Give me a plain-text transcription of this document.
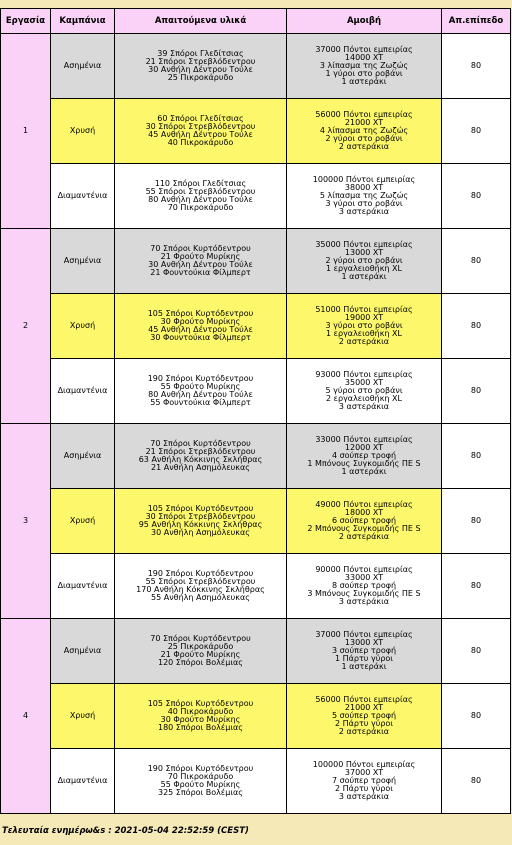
Εργασία	Καμπάνια	Απαιτούμενα υλικά	Αμοιβή	Απ.επίπεδο
1	Ασημένια	39 Σπόροι Γλεδίτσιας
21 Σπόροι Στρεβλόδεντρου
30 Ανθήλη Δέντρου Τούλε
25 Πικροκάρυδο	37000 Πόντοι εμπειρίας
14000 XT
3 λίπασμα της Ζωζώς
1 γύροι στο ροβάνι
1 αστεράκι	80
	Χρυσή	60 Σπόροι Γλεδίτσιας
30 Σπόροι Στρεβλόδεντρου
45 Ανθήλη Δέντρου Τούλε
40 Πικροκάρυδο	56000 Πόντοι εμπειρίας
21000 XT
4 λίπασμα της Ζωζώς
2 γύροι στο ροβάνι
2 αστεράκια	80
	Διαμαντένια	110 Σπόροι Γλεδίτσιας
55 Σπόροι Στρεβλόδεντρου
80 Ανθήλη Δέντρου Τούλε
70 Πικροκάρυδο	100000 Πόντοι εμπειρίας
38000 XT
5 λίπασμα της Ζωζώς
3 γύροι στο ροβάνι
3 αστεράκια	80
2	Ασημένια	70 Σπόροι Κυρτόδεντρου
21 Φρούτο Μυρίκης
30 Ανθήλη Δέντρου Τούλε
21 Φουντούκια Φίλμπερτ	35000 Πόντοι εμπειρίας
13000 XT
2 γύροι στο ροβάνι
1 εργαλειοθήκη XL
1 αστεράκι	80
	Χρυσή	105 Σπόροι Κυρτόδεντρου
30 Φρούτο Μυρίκης
45 Ανθήλη Δέντρου Τούλε
30 Φουντούκια Φίλμπερτ	51000 Πόντοι εμπειρίας
19000 XT
3 γύροι στο ροβάνι
1 εργαλειοθήκη XL
2 αστεράκια	80
	Διαμαντένια	190 Σπόροι Κυρτόδεντρου
55 Φρούτο Μυρίκης
80 Ανθήλη Δέντρου Τούλε
55 Φουντούκια Φίλμπερτ	93000 Πόντοι εμπειρίας
35000 XT
5 γύροι στο ροβάνι
2 εργαλειοθήκη XL
3 αστεράκια	80
3	Ασημένια	70 Σπόροι Κυρτόδεντρου
21 Σπόροι Στρεβλόδεντρου
63 Ανθήλη Κόκκινης Σκλήθρας
21 Ανθήλη Ασημόλευκας	33000 Πόντοι εμπειρίας
12000 XT
4 σούπερ τροφή
1 Μπόνους Συγκομιδής ΠΕ S
1 αστεράκι	80
	Χρυσή	105 Σπόροι Κυρτόδεντρου
30 Σπόροι Στρεβλόδεντρου
95 Ανθήλη Κόκκινης Σκλήθρας
30 Ανθήλη Ασημόλευκας	49000 Πόντοι εμπειρίας
18000 XT
6 σούπερ τροφή
2 Μπόνους Συγκομιδής ΠΕ S
2 αστεράκια	80
	Διαμαντένια	190 Σπόροι Κυρτόδεντρου
55 Σπόροι Στρεβλόδεντρου
170 Ανθήλη Κόκκινης Σκλήθρας
55 Ανθήλη Ασημόλευκας	90000 Πόντοι εμπειρίας
33000 XT
8 σούπερ τροφή
3 Μπόνους Συγκομιδής ΠΕ S
3 αστεράκια	80
4	Ασημένια	70 Σπόροι Κυρτόδεντρου
25 Πικροκάρυδο
21 Φρούτο Μυρίκης
120 Σπόροι Βολέμιας	37000 Πόντοι εμπειρίας
13000 XT
3 σούπερ τροφή
1 Πάρτυ γύροι
1 αστεράκι	80
	Χρυσή	105 Σπόροι Κυρτόδεντρου
40 Πικροκάρυδο
30 Φρούτο Μυρίκης
180 Σπόροι Βολέμιας	56000 Πόντοι εμπειρίας
21000 XT
5 σούπερ τροφή
2 Πάρτυ γύροι
2 αστεράκια	80
	Διαμαντένια	190 Σπόροι Κυρτόδεντρου
70 Πικροκάρυδο
55 Φρούτο Μυρίκης
325 Σπόροι Βολέμιας	100000 Πόντοι εμπειρίας
37000 XT
7 σούπερ τροφή
2 Πάρτυ γύροι
3 αστεράκια	80
Τελευταία ενημέρω&s : 2021-05-04 22:52:59 (CEST)
